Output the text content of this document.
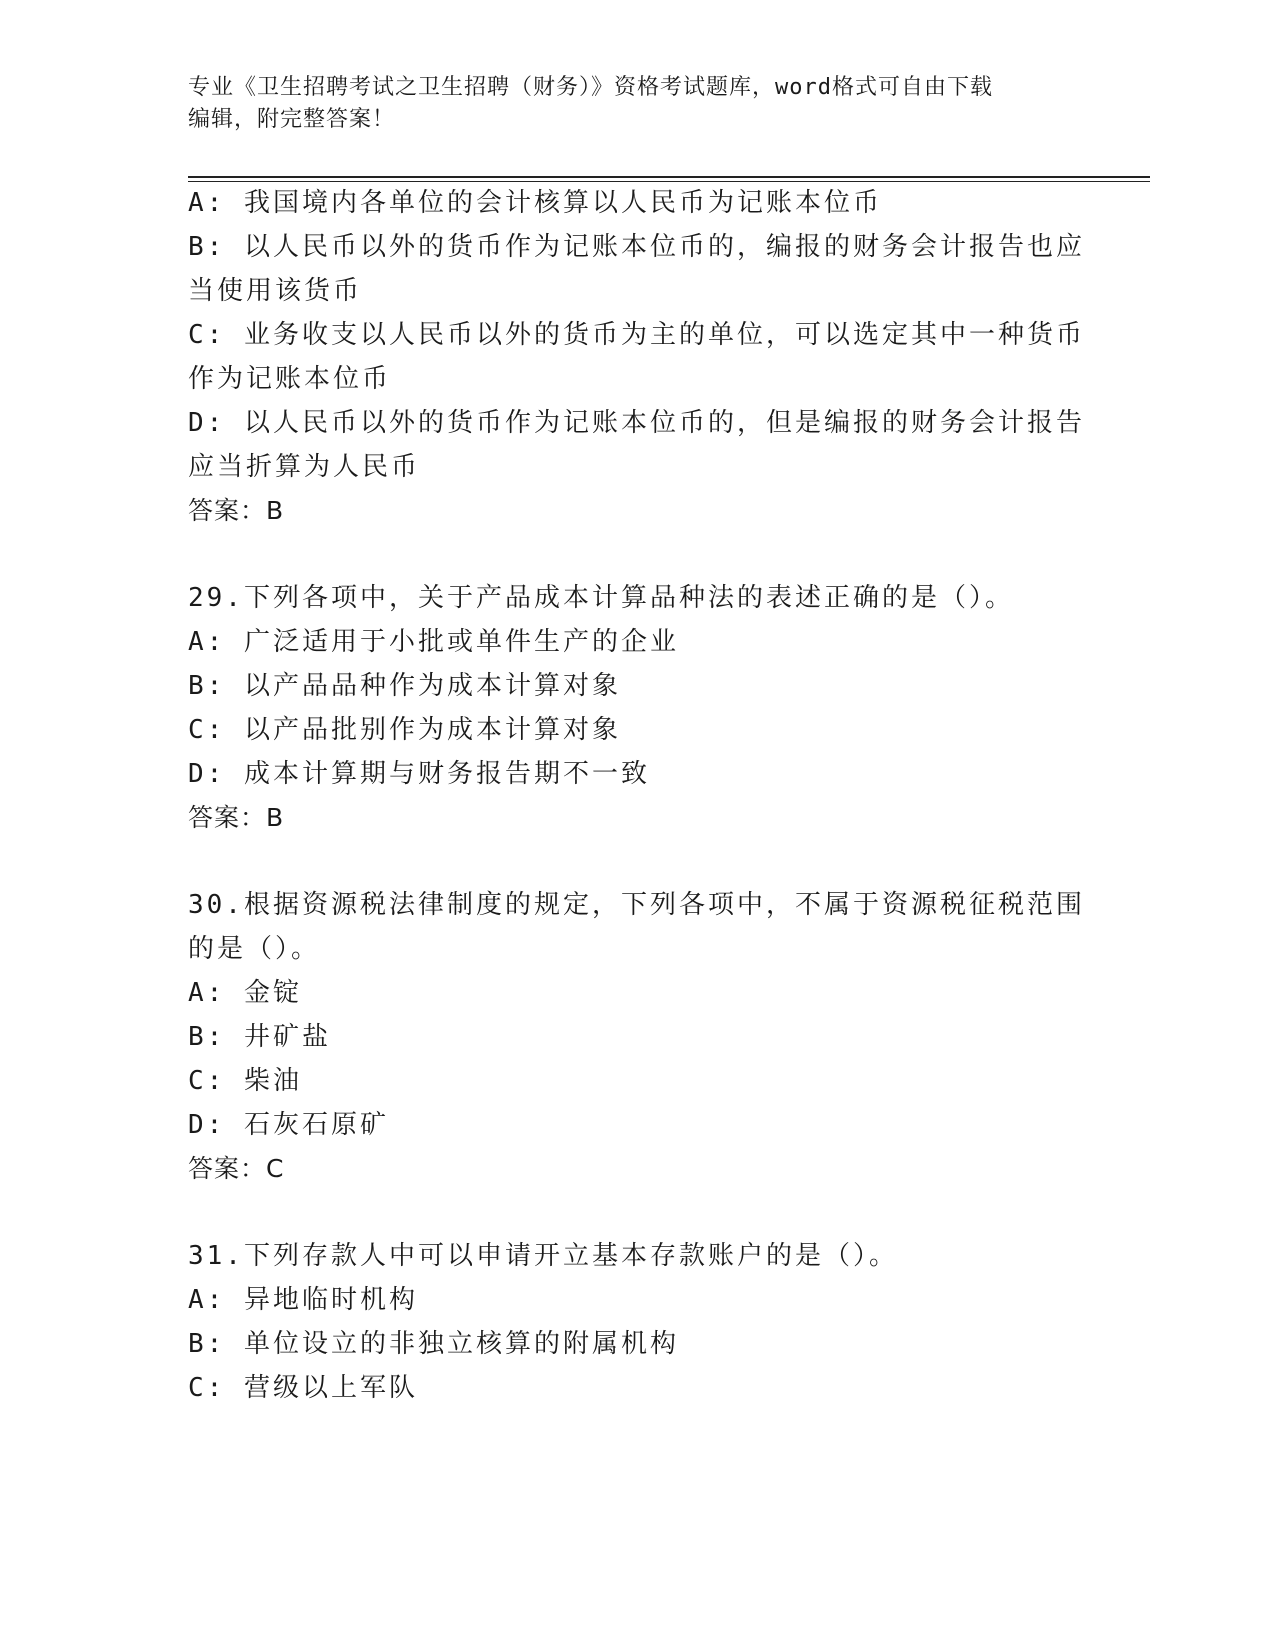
专业《卫生招聘考试之卫生招聘（财务）》资格考试题库，word格式可自由下载
编辑，附完整答案！
A: 我国境内各单位的会计核算以人民币为记账本位币
B: 以人民币以外的货币作为记账本位币的，编报的财务会计报告也应
当使用该货币
C: 业务收支以人民币以外的货币为主的单位，可以选定其中一种货币
作为记账本位币
D: 以人民币以外的货币作为记账本位币的，但是编报的财务会计报告
应当折算为人民币
答案：B
29.下列各项中，关于产品成本计算品种法的表述正确的是（）。
A: 广泛适用于小批或单件生产的企业
B: 以产品品种作为成本计算对象
C: 以产品批别作为成本计算对象
D: 成本计算期与财务报告期不一致
答案：B
30.根据资源税法律制度的规定，下列各项中，不属于资源税征税范围
的是（）。
A: 金锭
B: 井矿盐
C: 柴油
D: 石灰石原矿
答案：C
31.下列存款人中可以申请开立基本存款账户的是（）。
A: 异地临时机构
B: 单位设立的非独立核算的附属机构
C: 营级以上军队
